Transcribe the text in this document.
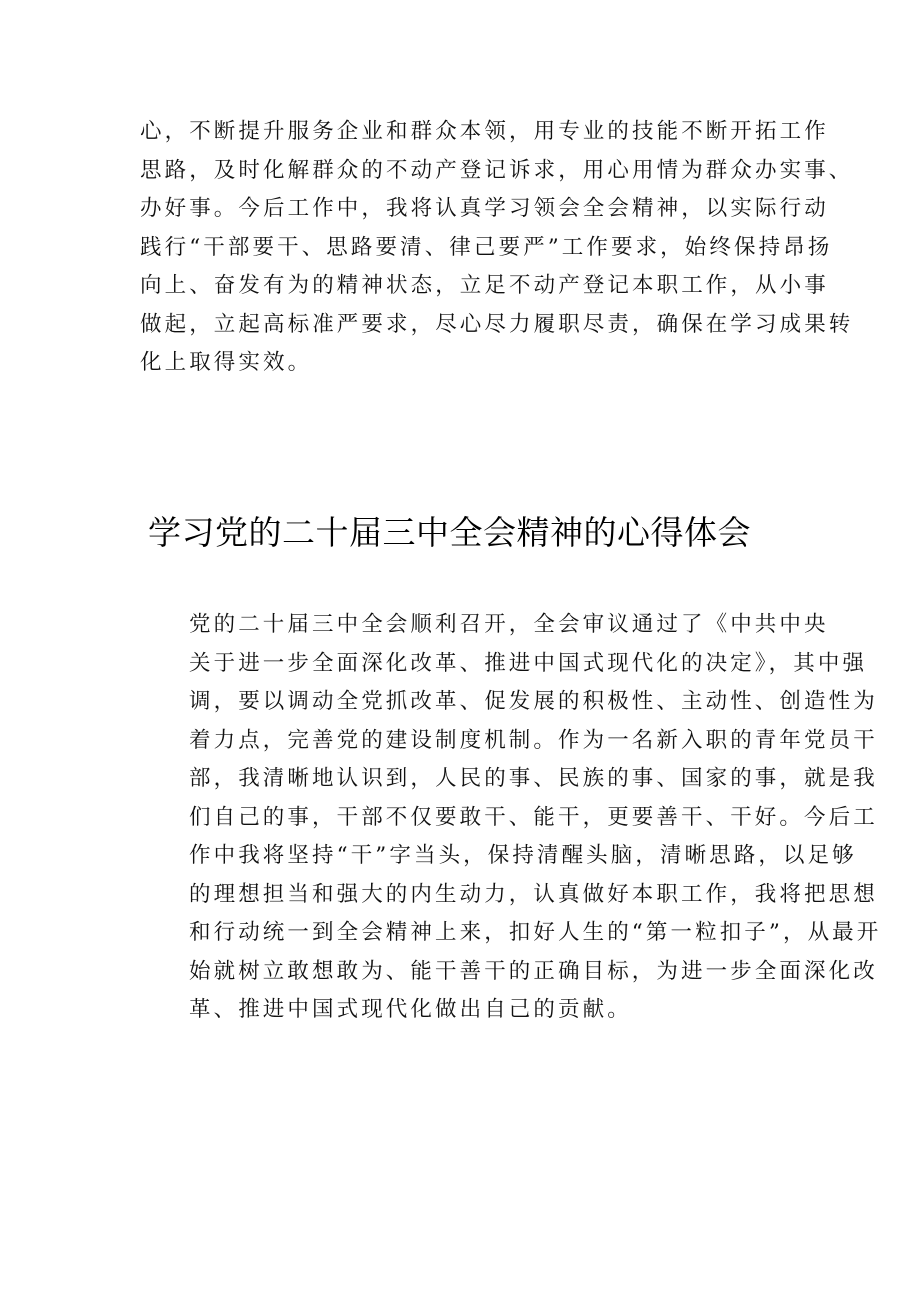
心，不断提升服务企业和群众本领，用专业的技能不断开拓工作
思路，及时化解群众的不动产登记诉求，用心用情为群众办实事、
办好事。今后工作中，我将认真学习领会全会精神，以实际行动
践行“干部要干、思路要清、律己要严”工作要求，始终保持昂扬
向上、奋发有为的精神状态，立足不动产登记本职工作，从小事
做起，立起高标准严要求，尽心尽力履职尽责，确保在学习成果转
化上取得实效。

学习党的二十届三中全会精神的心得体会

党的二十届三中全会顺利召开，全会审议通过了《中共中央
关于进一步全面深化改革、推进中国式现代化的决定》，其中强
调，要以调动全党抓改革、促发展的积极性、主动性、创造性为
着力点，完善党的建设制度机制。作为一名新入职的青年党员干
部，我清晰地认识到，人民的事、民族的事、国家的事，就是我
们自己的事，干部不仅要敢干、能干，更要善干、干好。今后工
作中我将坚持“干”字当头，保持清醒头脑，清晰思路，以足够
的理想担当和强大的内生动力，认真做好本职工作，我将把思想
和行动统一到全会精神上来，扣好人生的“第一粒扣子”，从最开
始就树立敢想敢为、能干善干的正确目标，为进一步全面深化改
革、推进中国式现代化做出自己的贡献。
